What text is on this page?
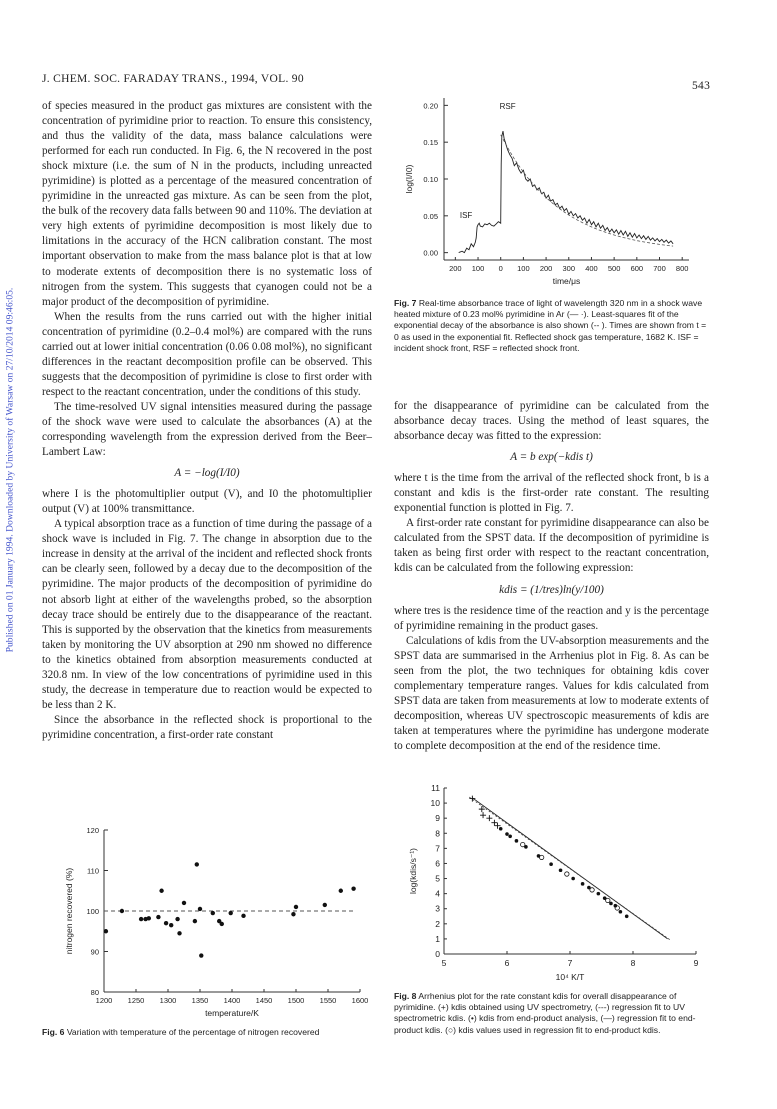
Published on 01 January 1994. Downloaded by University of Warsaw on 27/10/2014 09:46:05.
J. CHEM. SOC. FARADAY TRANS., 1994, VOL. 90
543

of species measured in the product gas mixtures are consistent with the concentration of pyrimidine prior to reaction. To ensure this consistency, and thus the validity of the data, mass balance calculations were performed for each run conducted. In Fig. 6, the N recovered in the post shock mixture (i.e. the sum of N in the products, including unreacted pyrimidine) is plotted as a percentage of the measured concentration of pyrimidine in the unreacted gas mixture. As can be seen from the plot, the bulk of the recovery data falls between 90 and 110%. The deviation at very high extents of pyrimidine decomposition is most likely due to limitations in the accuracy of the HCN calibration constant. The most important observation to make from the mass balance plot is that at low to moderate extents of decomposition there is no systematic loss of nitrogen from the system. This suggests that cyanogen could not be a major product of the decomposition of pyrimidine.

When the results from the runs carried out with the higher initial concentration of pyrimidine (0.2–0.4 mol%) are compared with the runs carried out at lower initial concentration (0.06 0.08 mol%), no significant differences in the reactant decomposition profile can be observed. This suggests that the decomposition of pyrimidine is close to first order with respect to the reactant concentration, under the conditions of this study.

The time-resolved UV signal intensities measured during the passage of the shock wave were used to calculate the absorbances (A) at the corresponding wavelength from the expression derived from the Beer–Lambert Law:

A = −log(I/I0)

where I is the photomultiplier output (V), and I0 the photomultiplier output (V) at 100% transmittance.

A typical absorption trace as a function of time during the passage of a shock wave is included in Fig. 7. The change in absorption due to the increase in density at the arrival of the incident and reflected shock fronts can be clearly seen, followed by a decay due to the decomposition of the pyrimidine. The major products of the decomposition of pyrimidine do not absorb light at either of the wavelengths probed, so the absorption decay trace should be entirely due to the disappearance of the reactant. This is supported by the observation that the kinetics from measurements taken by monitoring the UV absorption at 290 nm showed no difference to the kinetics obtained from absorption measurements conducted at 320.8 nm. In view of the low concentrations of pyrimidine used in this study, the decrease in temperature due to reaction would be expected to be less than 2 K.

Since the absorbance in the reflected shock is proportional to the pyrimidine concentration, a first-order rate constant

for the disappearance of pyrimidine can be calculated from the absorbance decay traces. Using the method of least squares, the absorbance decay was fitted to the expression:

A = b exp(−kdis t)

where t is the time from the arrival of the reflected shock front, b is a constant and kdis is the first-order rate constant. The resulting exponential function is plotted in Fig. 7.

A first-order rate constant for pyrimidine disappearance can also be calculated from the SPST data. If the decomposition of pyrimidine is taken as being first order with respect to the reactant concentration, kdis can be calculated from the following expression:

kdis = (1/tres)ln(y/100)

where tres is the residence time of the reaction and y is the percentage of pyrimidine remaining in the product gases.

Calculations of kdis from the UV-absorption measurements and the SPST data are summarised in the Arrhenius plot in Fig. 8. As can be seen from the plot, the two techniques for obtaining kdis cover complementary temperature ranges. Values for kdis calculated from SPST data are taken from measurements at low to moderate extents of decomposition, whereas UV spectroscopic measurements of kdis are taken at temperatures where the pyrimidine has undergone moderate to complete decomposition at the end of the residence time.

0.00
0.05
0.10
0.15
0.20
200 100 0 100 200 300 400 500 600 700 800
time/μs
log(I/I0)
RSF
ISF
Fig. 7 Real-time absorbance trace of light of wavelength 320 nm in a shock wave heated mixture of 0.23 mol% pyrimidine in Ar (— ·). Least-squares fit of the exponential decay of the absorbance is also shown (-- ). Times are shown from t = 0 as used in the exponential fit. Reflected shock gas temperature, 1682 K. ISF = incident shock front, RSF = reflected shock front.
80
90
100
110
120
1200 1250 1300 1350 1400 1450 1500 1550 1600
temperature/K
nitrogen recovered (%)
Fig. 6 Variation with temperature of the percentage of nitrogen recovered
0
1
2
3
4
5
6
7
8
9
10
11
5	6	7	8	9
10⁴ K/T
log(kdis/s⁻¹)
Fig. 8 Arrhenius plot for the rate constant kdis for overall disappearance of pyrimidine. (+) kdis obtained using UV spectrometry, (---) regression fit to UV spectrometric kdis. (•) kdis from end-product analysis, (—) regression fit to end-product kdis. (○) kdis values used in regression fit to end-product kdis.
